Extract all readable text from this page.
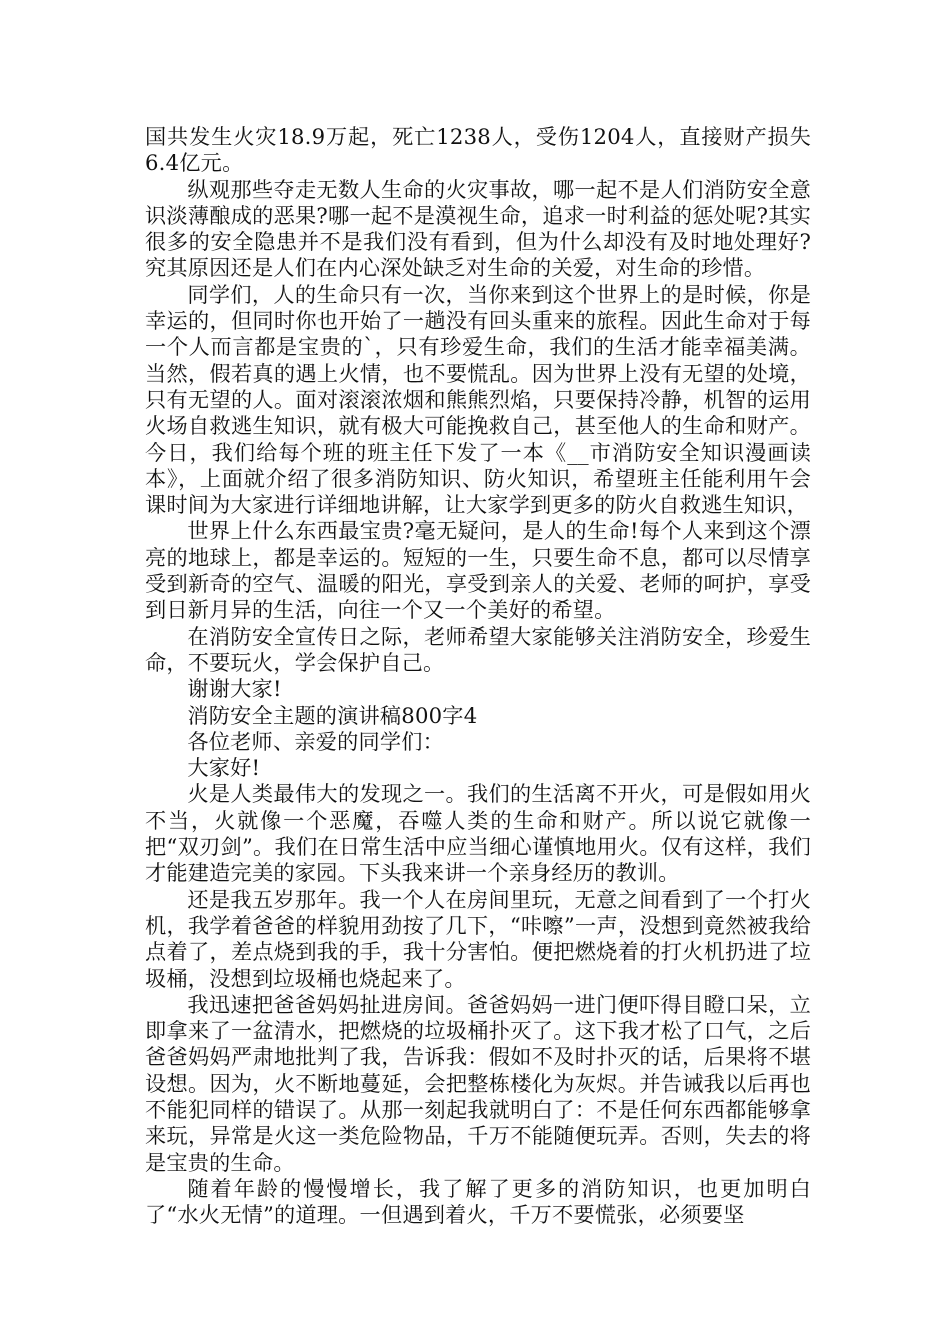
国共发生火灾18.9万起，死亡1238人，受伤1204人，直接财产损失6.4亿元。

纵观那些夺走无数人生命的火灾事故，哪一起不是人们消防安全意识淡薄酿成的恶果?哪一起不是漠视生命，追求一时利益的惩处呢?其实很多的安全隐患并不是我们没有看到，但为什么却没有及时地处理好?究其原因还是人们在内心深处缺乏对生命的关爱，对生命的珍惜。

同学们，人的生命只有一次，当你来到这个世界上的是时候，你是幸运的，但同时你也开始了一趟没有回头重来的旅程。因此生命对于每一个人而言都是宝贵的`，只有珍爱生命，我们的生活才能幸福美满。当然，假若真的遇上火情，也不要慌乱。因为世界上没有无望的处境，只有无望的人。面对滚滚浓烟和熊熊烈焰，只要保持冷静，机智的运用火场自救逃生知识，就有极大可能挽救自己，甚至他人的生命和财产。今日，我们给每个班的班主任下发了一本《__市消防安全知识漫画读本》，上面就介绍了很多消防知识、防火知识，希望班主任能利用午会课时间为大家进行详细地讲解，让大家学到更多的防火自救逃生知识，

世界上什么东西最宝贵?毫无疑问，是人的生命!每个人来到这个漂亮的地球上，都是幸运的。短短的一生，只要生命不息，都可以尽情享受到新奇的空气、温暖的阳光，享受到亲人的关爱、老师的呵护，享受到日新月异的生活，向往一个又一个美好的希望。

在消防安全宣传日之际，老师希望大家能够关注消防安全，珍爱生命，不要玩火，学会保护自己。

谢谢大家!

消防安全主题的演讲稿800字4

各位老师、亲爱的同学们：

大家好!

火是人类最伟大的发现之一。我们的生活离不开火，可是假如用火不当，火就像一个恶魔，吞噬人类的生命和财产。所以说它就像一把“双刃剑”。我们在日常生活中应当细心谨慎地用火。仅有这样，我们才能建造完美的家园。下头我来讲一个亲身经历的教训。

还是我五岁那年。我一个人在房间里玩，无意之间看到了一个打火机，我学着爸爸的样貌用劲按了几下，“咔嚓”一声，没想到竟然被我给点着了，差点烧到我的手，我十分害怕。便把燃烧着的打火机扔进了垃圾桶，没想到垃圾桶也烧起来了。

我迅速把爸爸妈妈扯进房间。爸爸妈妈一进门便吓得目瞪口呆，立即拿来了一盆清水，把燃烧的垃圾桶扑灭了。这下我才松了口气，之后爸爸妈妈严肃地批判了我，告诉我：假如不及时扑灭的话，后果将不堪设想。因为，火不断地蔓延，会把整栋楼化为灰烬。并告诫我以后再也不能犯同样的错误了。从那一刻起我就明白了：不是任何东西都能够拿来玩，异常是火这一类危险物品，千万不能随便玩弄。否则，失去的将是宝贵的生命。

随着年龄的慢慢增长，我了解了更多的消防知识，也更加明白了“水火无情”的道理。一但遇到着火，千万不要慌张，必须要坚
